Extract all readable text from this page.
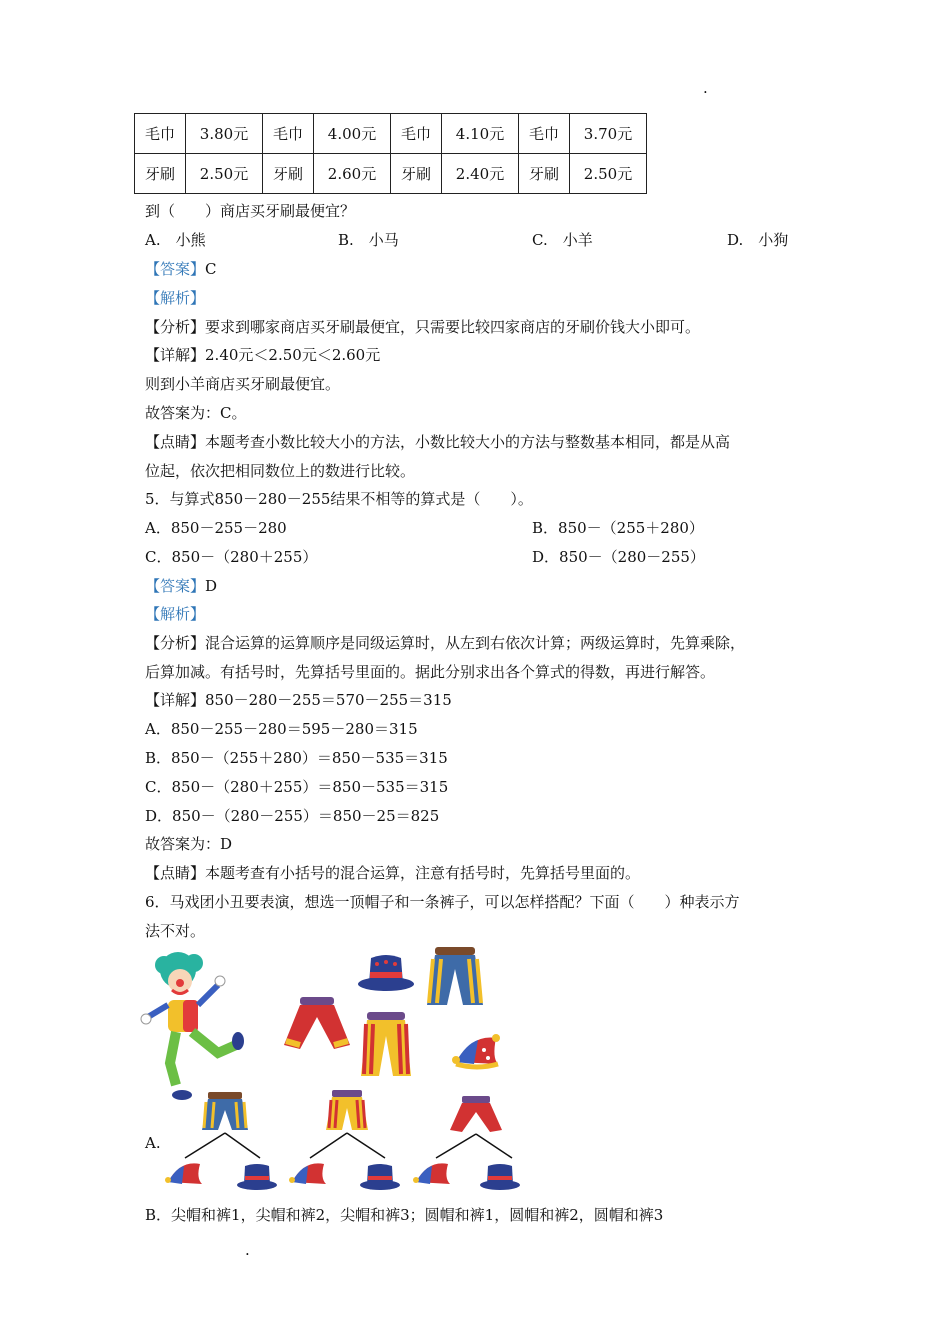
.
毛巾	3.80元	毛巾	4.00元	毛巾	4.10元	毛巾	3.70元
牙刷	2.50元	牙刷	2.60元	牙刷	2.40元	牙刷	2.50元
到（　　）商店买牙刷最便宜？
A.　小熊	B.　小马	C.　小羊	D.　小狗
【答案】C
【解析】
【分析】要求到哪家商店买牙刷最便宜，只需要比较四家商店的牙刷价钱大小即可。
【详解】2.40元＜2.50元＜2.60元
则到小羊商店买牙刷最便宜。
故答案为：C。
【点睛】本题考查小数比较大小的方法，小数比较大小的方法与整数基本相同，都是从高
位起，依次把相同数位上的数进行比较。
5．与算式850－280－255结果不相等的算式是（　　）。
A．850－255－280	B．850－（255＋280）
C．850－（280＋255）	D．850－（280－255）
【答案】D
【解析】
【分析】混合运算的运算顺序是同级运算时，从左到右依次计算；两级运算时，先算乘除，
后算加减。有括号时，先算括号里面的。据此分别求出各个算式的得数，再进行解答。
【详解】850－280－255＝570－255＝315
A．850－255－280＝595－280＝315
B．850－（255＋280）＝850－535＝315
C．850－（280＋255）＝850－535＝315
D．850－（280－255）＝850－25＝825
故答案为：D
【点睛】本题考查有小括号的混合运算，注意有括号时，先算括号里面的。
6．马戏团小丑要表演，想选一顶帽子和一条裤子，可以怎样搭配？下面（　　）种表示方
法不对。
A.
B．尖帽和裤1，尖帽和裤2，尖帽和裤3；圆帽和裤1，圆帽和裤2，圆帽和裤3
.
